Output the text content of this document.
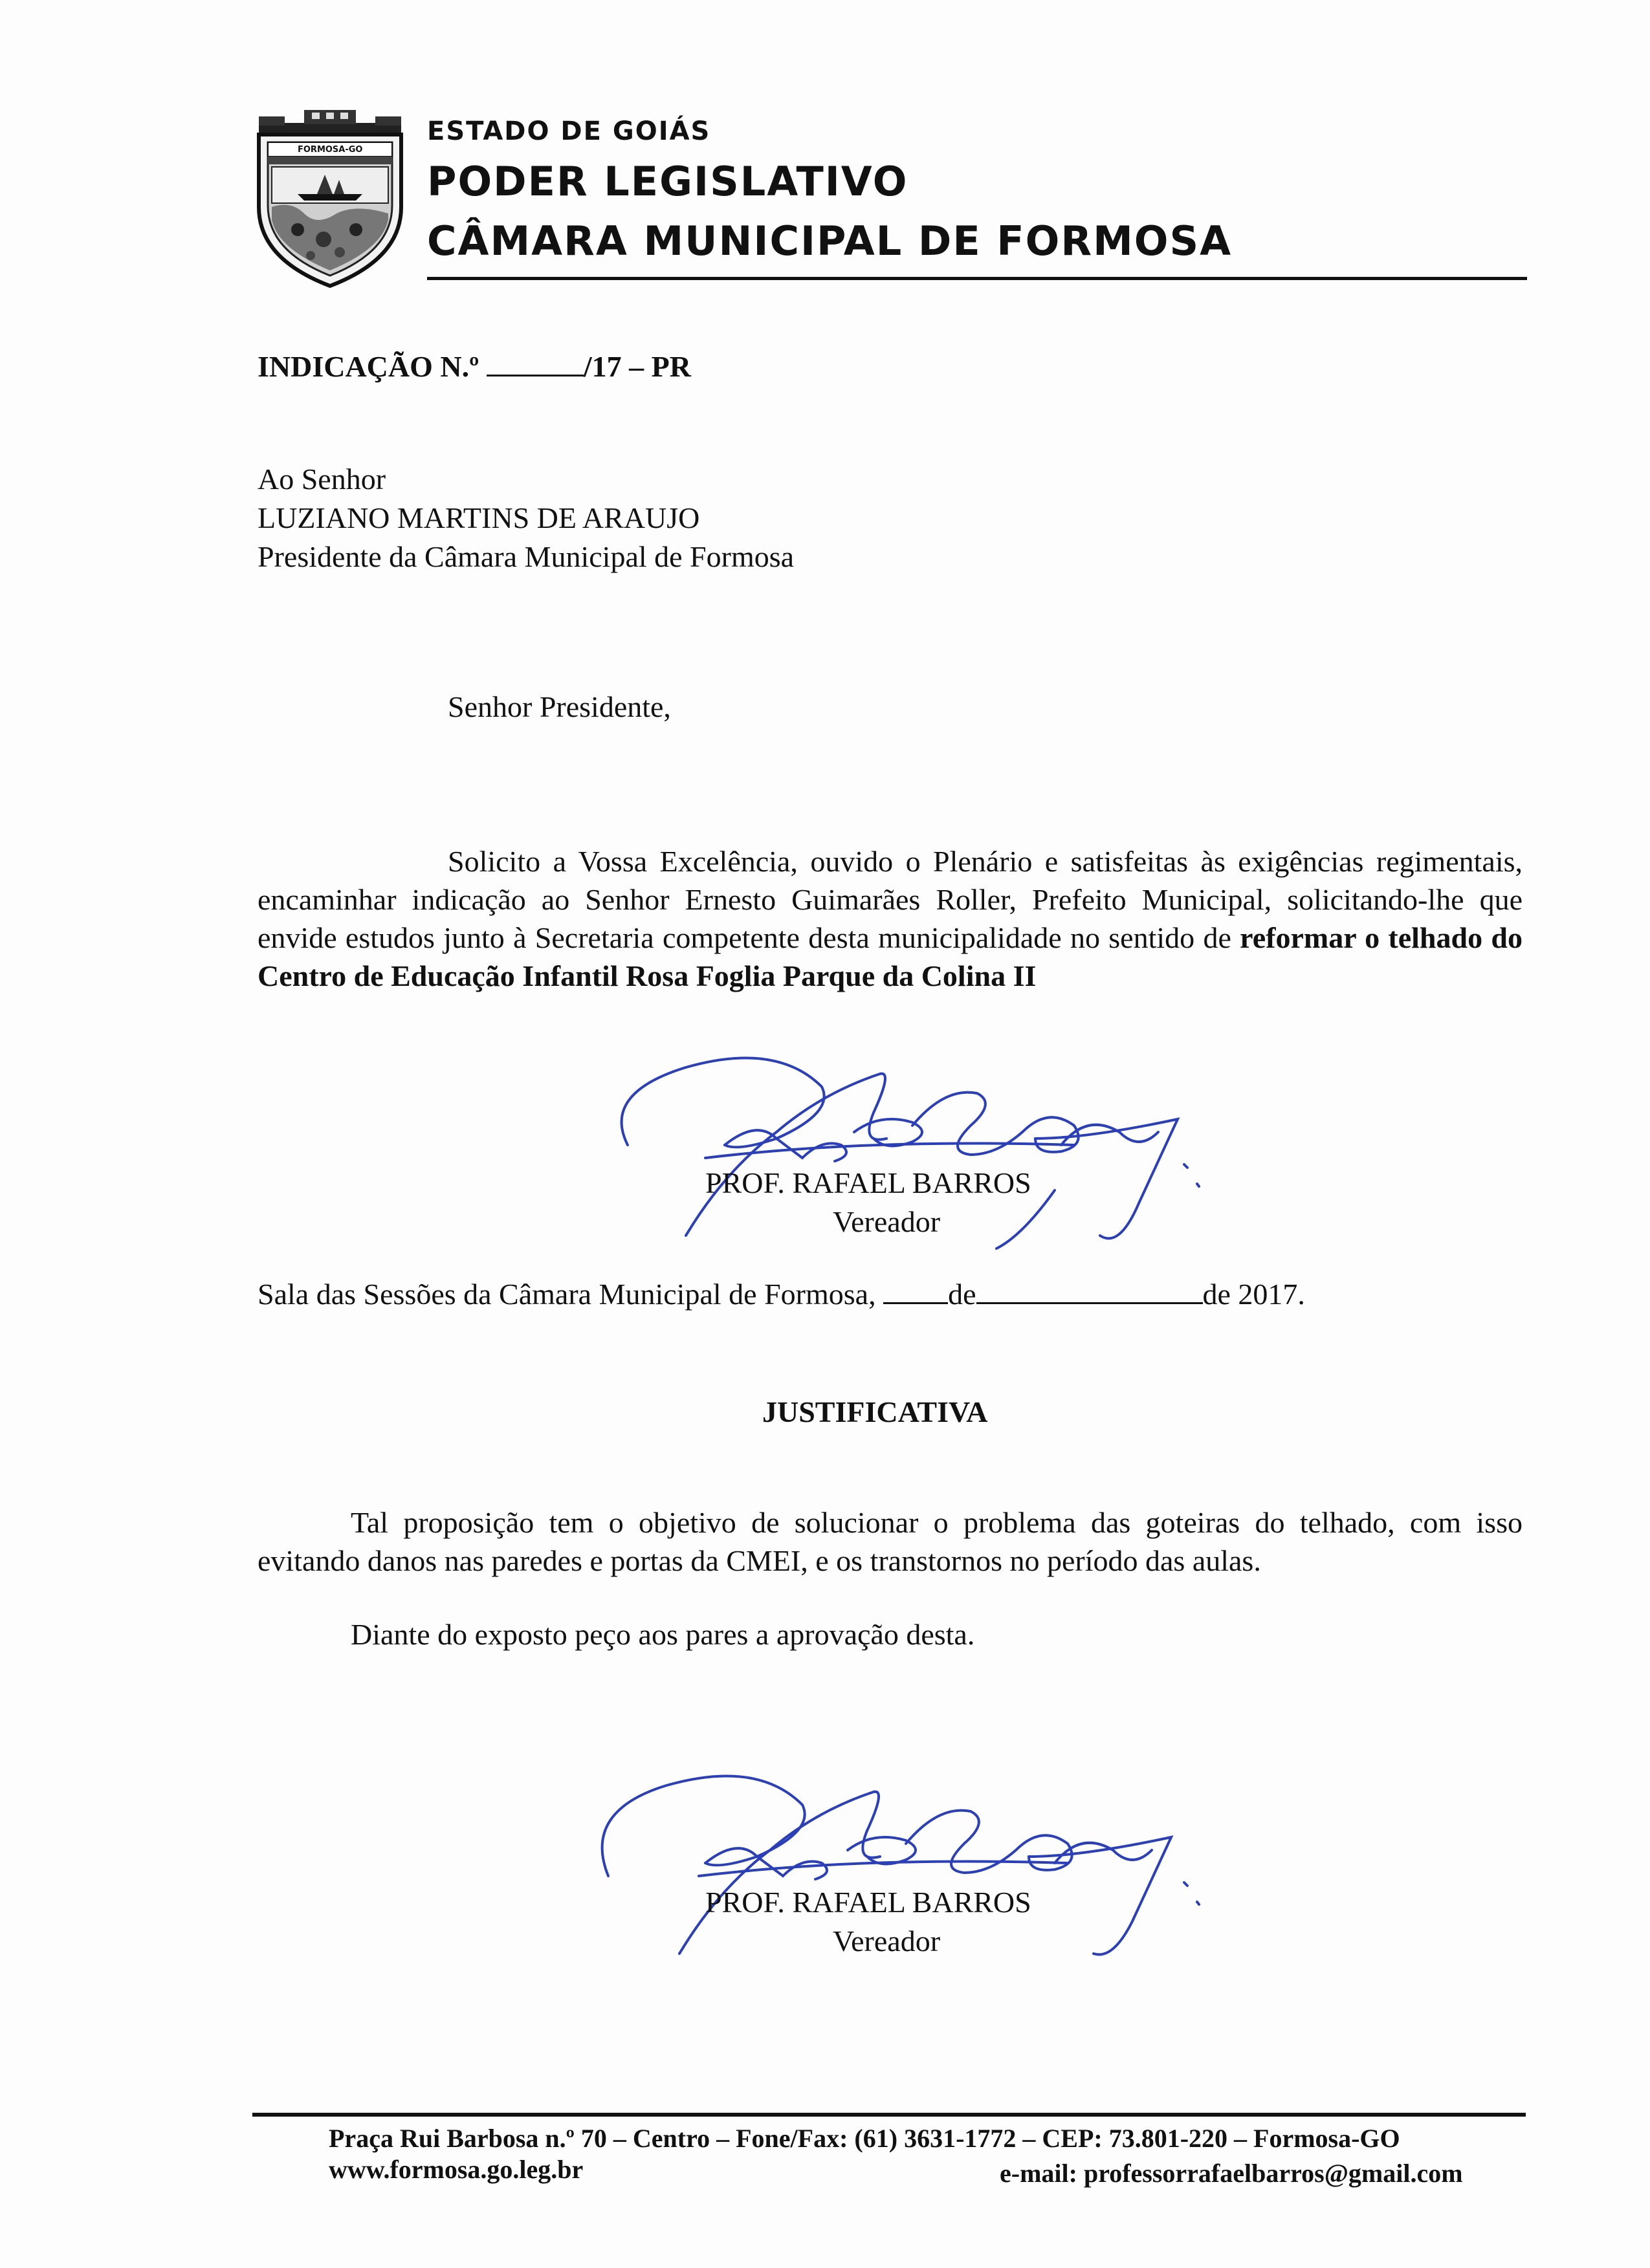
FORMOSA-GO
ESTADO DE GOIÁS
PODER LEGISLATIVO
CÂMARA MUNICIPAL DE FORMOSA
INDICAÇÃO N.º	/17 – PR
Ao Senhor
LUZIANO MARTINS DE ARAUJO
Presidente da Câmara Municipal de Formosa
Senhor Presidente,
Solicito a Vossa Excelência, ouvido o Plenário e satisfeitas às exigências regimentais, encaminhar indicação ao Senhor Ernesto Guimarães Roller, Prefeito Municipal, solicitando-lhe que envide estudos junto à Secretaria competente desta municipalidade no sentido de reformar o telhado do Centro de Educação Infantil Rosa Foglia Parque da Colina II
PROF. RAFAEL BARROS
Vereador
Sala das Sessões da Câmara Municipal de Formosa, de	de 2017.
JUSTIFICATIVA
Tal proposição tem o objetivo de solucionar o problema das goteiras do telhado, com isso evitando danos nas paredes e portas da CMEI, e os transtornos no período das aulas.
Diante do exposto peço aos pares a aprovação desta.
PROF. RAFAEL BARROS
Vereador
Praça Rui Barbosa n.º 70 – Centro – Fone/Fax: (61) 3631-1772 – CEP: 73.801-220 – Formosa-GO
www.formosa.go.leg.br	e-mail: professorrafaelbarros@gmail.com
